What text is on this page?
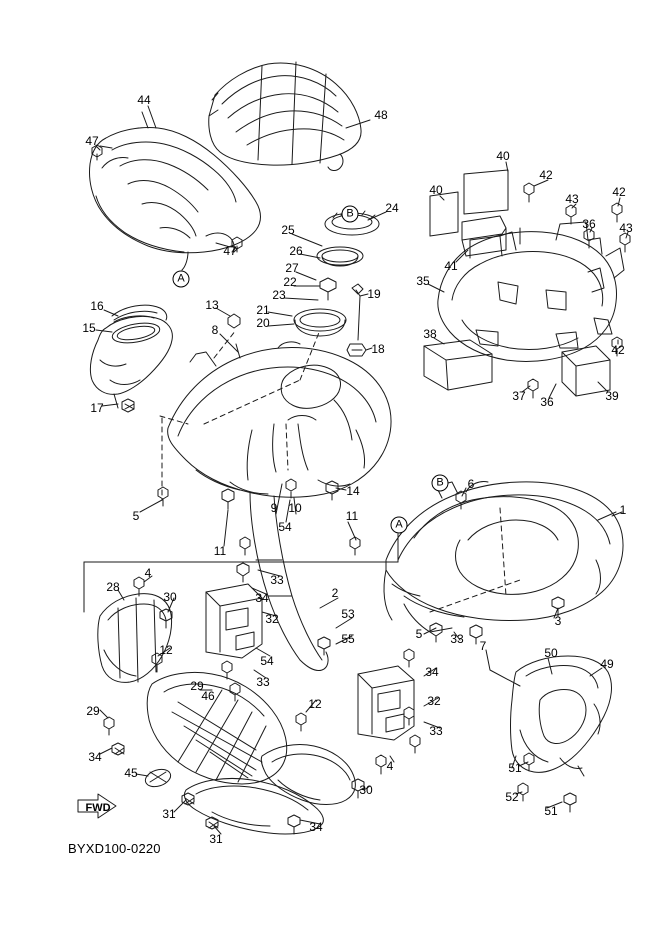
BYXD100-0220
FWD
44
48
47
40
42
40
43	42
36 43
24
25
47
41
26
35
27
22
19
23
16	13	21
15	20
8	38
18	42
17
37 36	39
14	6
1
9 10
11
5
54
11
2
53	3
33
5 33
28
4
34
7
30
32
55
50
49
12
54
34
29	33
32
46
12
29
33
4
34
51
45
30	52
51
31
31
34
A
A
B
B
